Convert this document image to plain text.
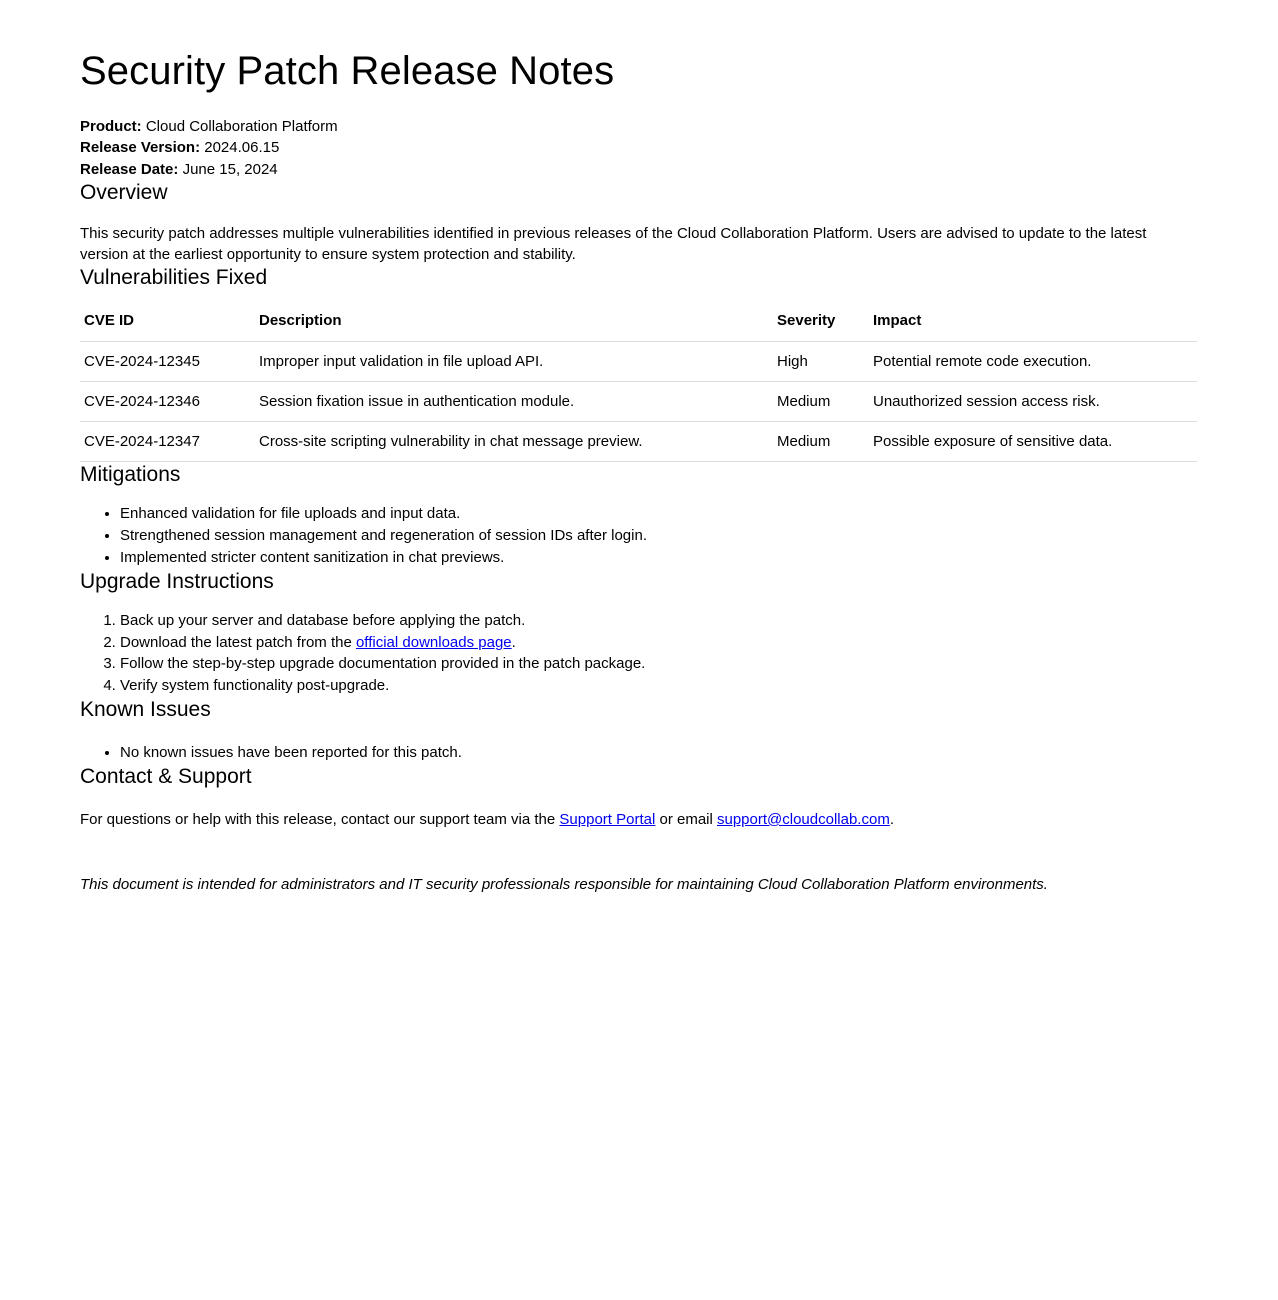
Security Patch Release Notes
Product: Cloud Collaboration Platform
Release Version: 2024.06.15
Release Date: June 15, 2024
Overview

This security patch addresses multiple vulnerabilities identified in previous releases of the Cloud Collaboration Platform. Users are advised to update to the latest version at the earliest opportunity to ensure system protection and stability.

Vulnerabilities Fixed
CVE ID	Description	Severity	Impact
CVE-2024-12345	Improper input validation in file upload API.	High	Potential remote code execution.
CVE-2024-12346	Session fixation issue in authentication module.	Medium	Unauthorized session access risk.
CVE-2024-12347	Cross-site scripting vulnerability in chat message preview.	Medium	Possible exposure of sensitive data.
Mitigations
• Enhanced validation for file uploads and input data.
• Strengthened session management and regeneration of session IDs after login.
• Implemented stricter content sanitization in chat previews.
Upgrade Instructions
1. Back up your server and database before applying the patch.
2. Download the latest patch from the official downloads page.
3. Follow the step-by-step upgrade documentation provided in the patch package.
4. Verify system functionality post-upgrade.
Known Issues
• No known issues have been reported for this patch.
Contact & Support

For questions or help with this release, contact our support team via the Support Portal or email support@cloudcollab.com.

This document is intended for administrators and IT security professionals responsible for maintaining Cloud Collaboration Platform environments.
